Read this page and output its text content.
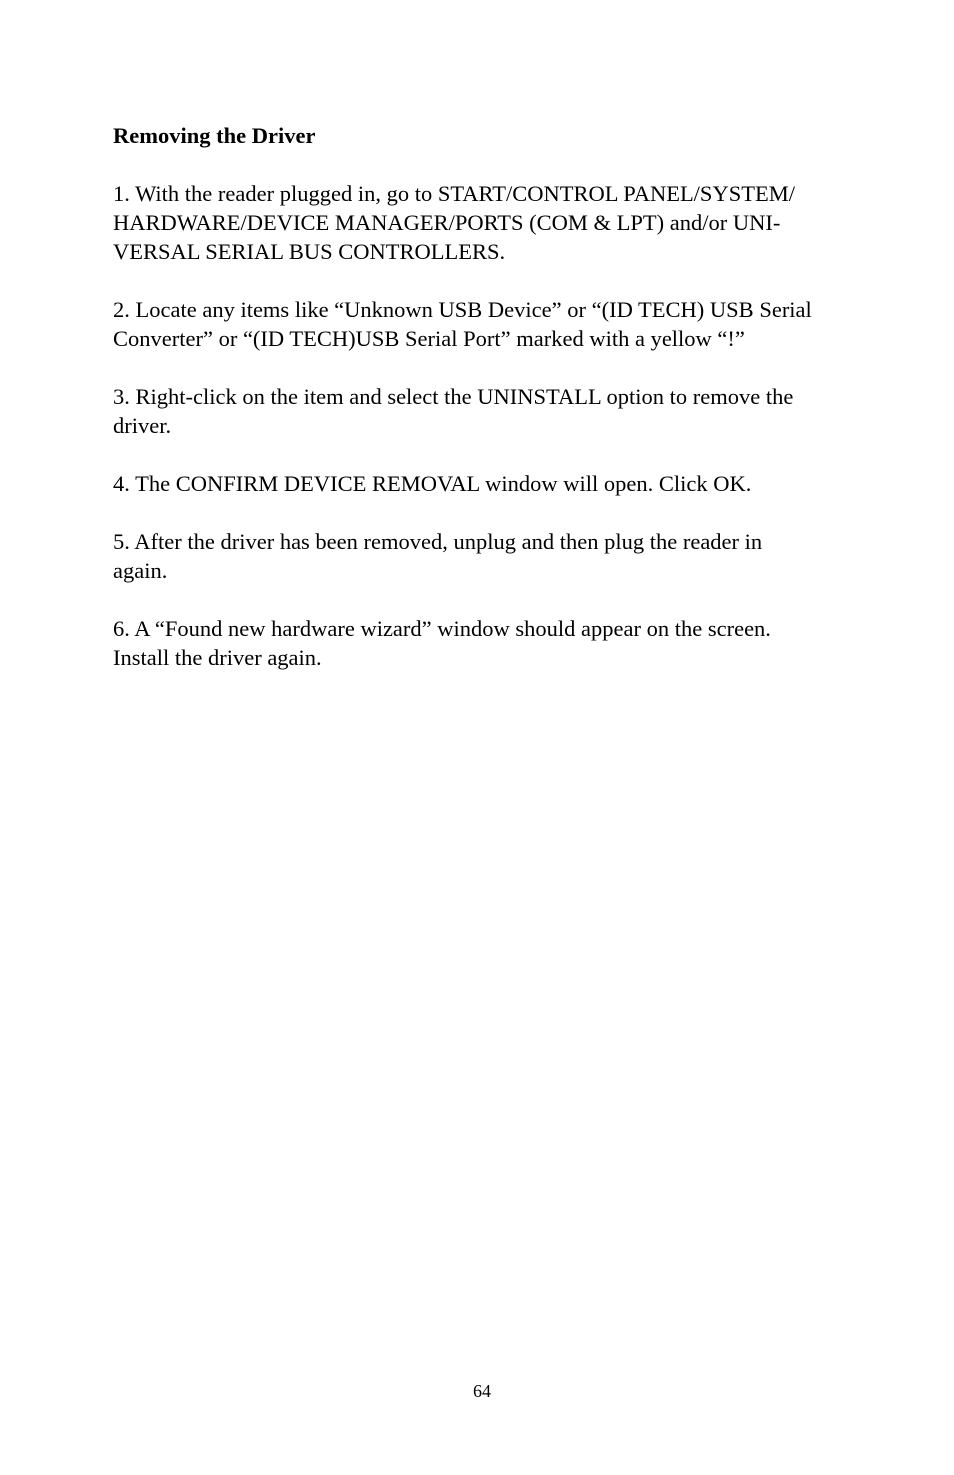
Removing the Driver

1. With the reader plugged in, go to START/CONTROL PANEL/SYSTEM/
HARDWARE/DEVICE MANAGER/PORTS (COM & LPT) and/or UNI-
VERSAL SERIAL BUS CONTROLLERS.

2. Locate any items like “Unknown USB Device” or “(ID TECH) USB Serial
Converter” or “(ID TECH)USB Serial Port” marked with a yellow “!”

3. Right-click on the item and select the UNINSTALL option to remove the
driver.

4. The CONFIRM DEVICE REMOVAL window will open. Click OK.

5. After the driver has been removed, unplug and then plug the reader in
again.

6. A “Found new hardware wizard” window should appear on the screen.
Install the driver again.

64
